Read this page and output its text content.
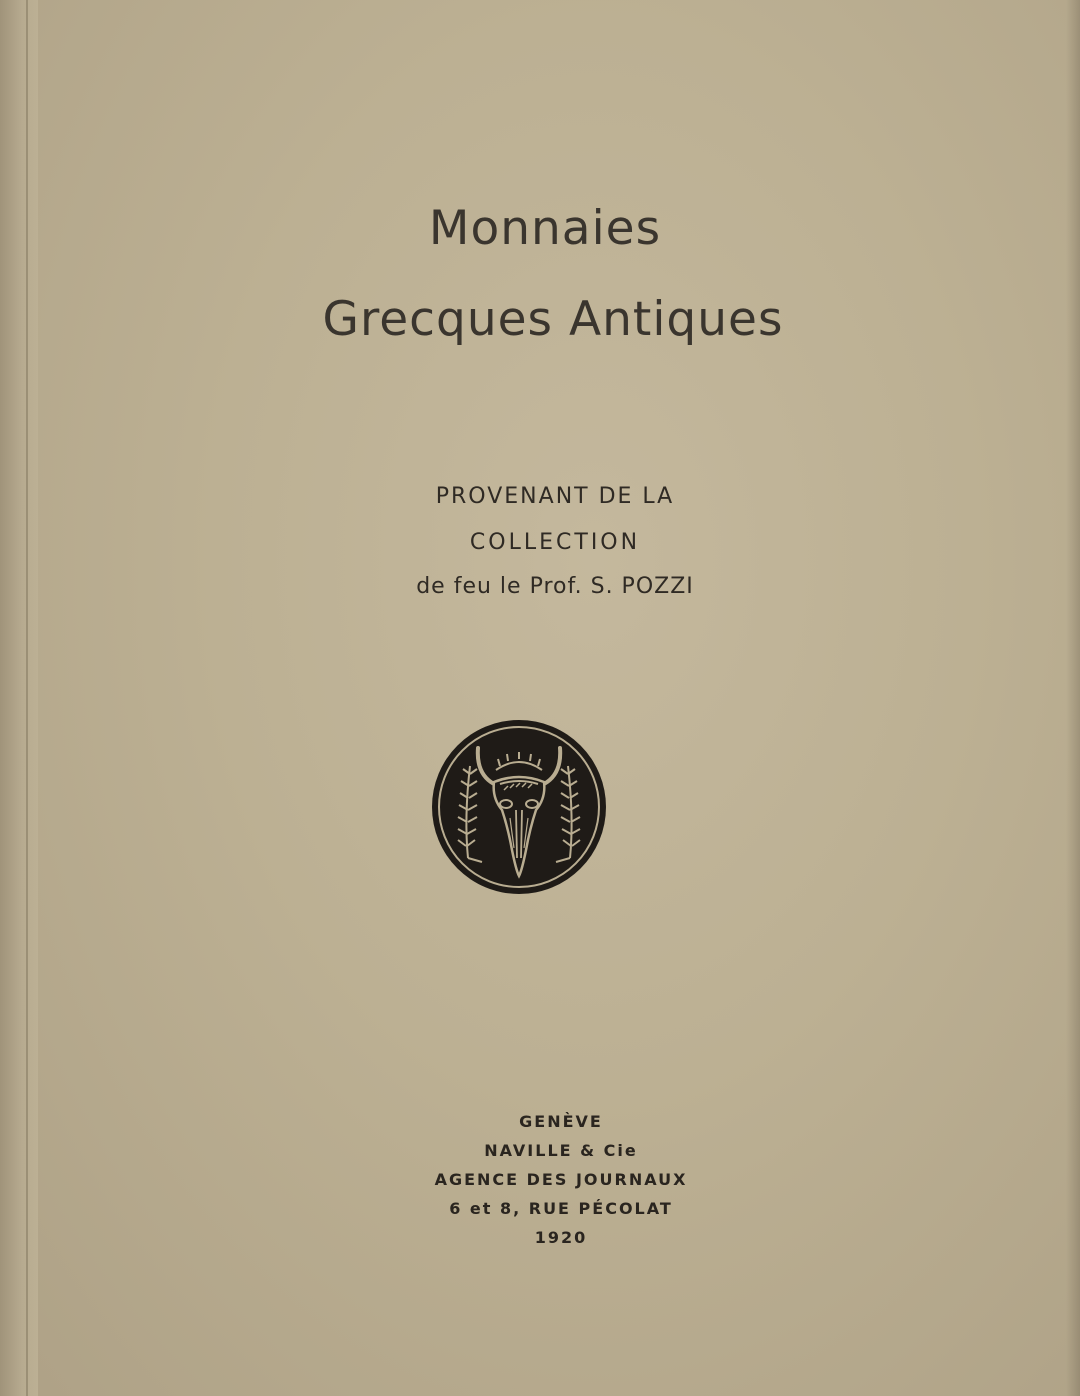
Monnaies
Grecques Antiques
PROVENANT DE LA
COLLECTION
de feu le Prof. S. POZZI
GENÈVE
NAVILLE & Cie
AGENCE DES JOURNAUX
6 et 8, RUE PÉCOLAT
1920
